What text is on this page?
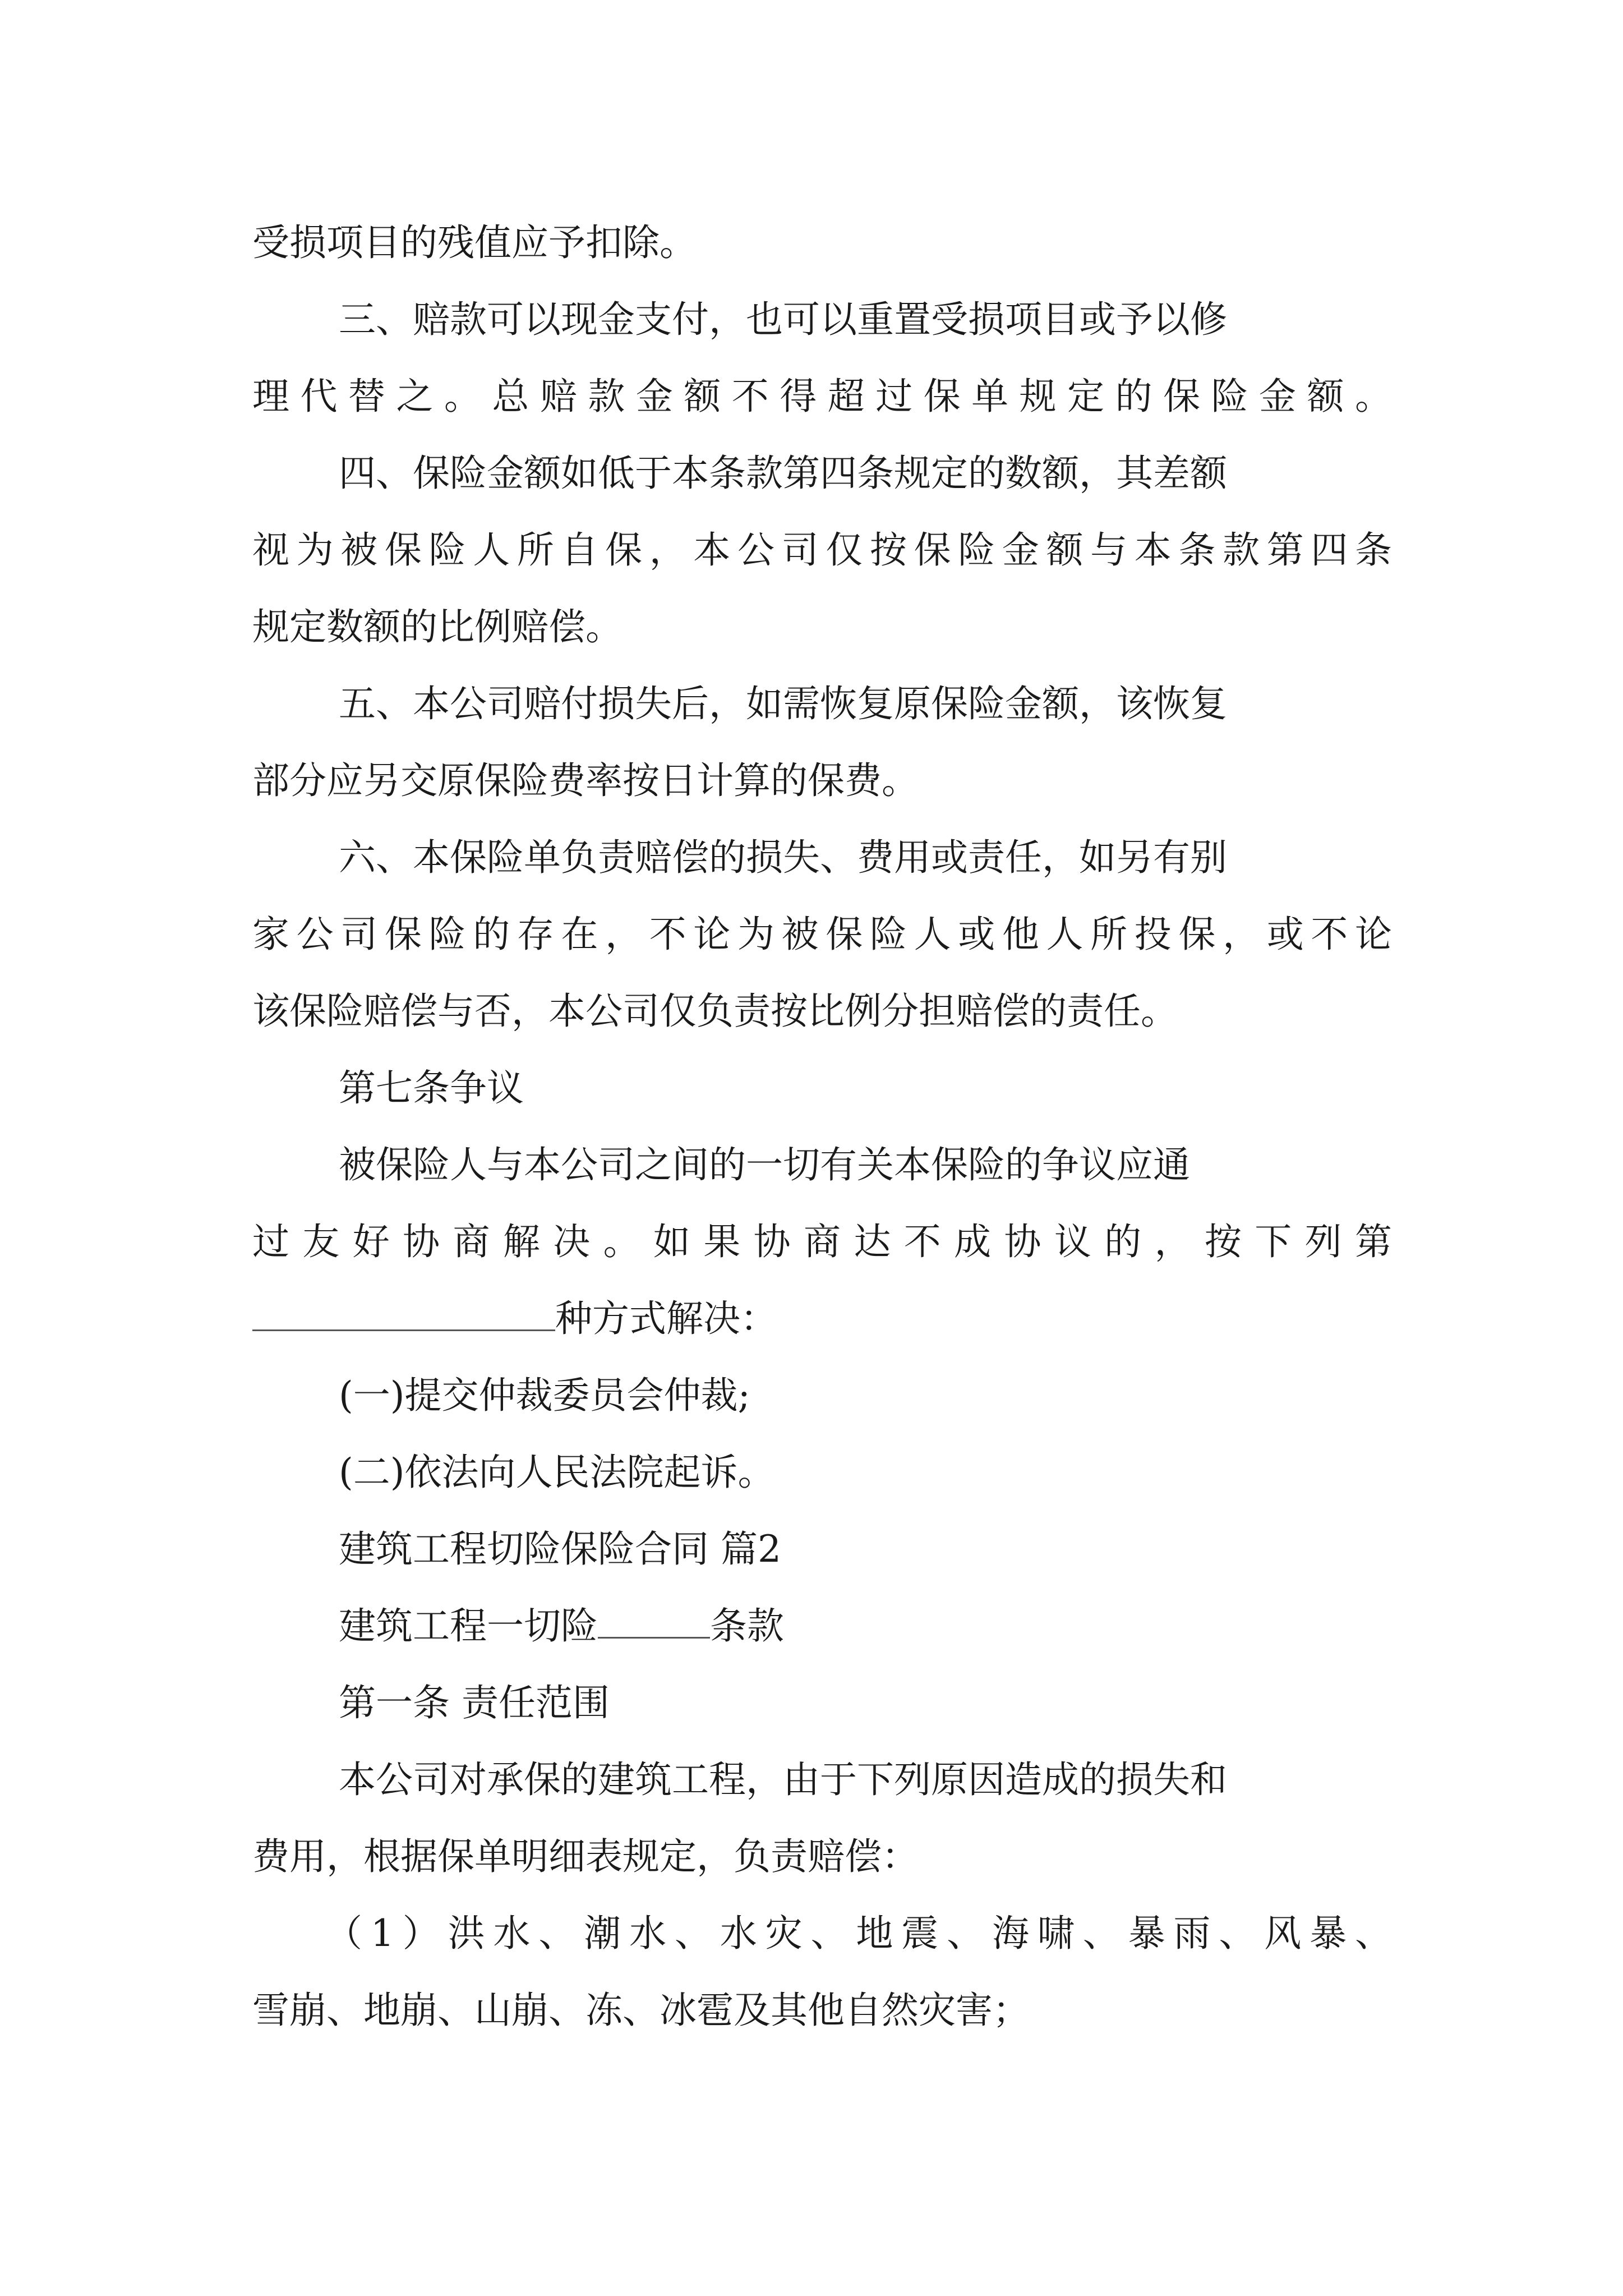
受损项目的残值应予扣除。
三、赔款可以现金支付，也可以重置受损项目或予以修
理代替之。总赔款金额不得超过保单规定的保险金额。
四、保险金额如低于本条款第四条规定的数额，其差额
视为被保险人所自保，本公司仅按保险金额与本条款第四条
规定数额的比例赔偿。
五、本公司赔付损失后，如需恢复原保险金额，该恢复
部分应另交原保险费率按日计算的保费。
六、本保险单负责赔偿的损失、费用或责任，如另有别
家公司保险的存在，不论为被保险人或他人所投保，或不论
该保险赔偿与否，本公司仅负责按比例分担赔偿的责任。
第七条争议
被保险人与本公司之间的一切有关本保险的争议应通
过友好协商解决。如果协商达不成协议的，按下列第
种方式解决：
(一)提交仲裁委员会仲裁;
(二)依法向人民法院起诉。
建筑工程切险保险合同 篇2
建筑工程一切险	条款
第一条 责任范围
本公司对承保的建筑工程，由于下列原因造成的损失和
费用，根据保单明细表规定，负责赔偿：
（1）洪水、潮水、水灾、地震、海啸、暴雨、风暴、
雪崩、地崩、山崩、冻、冰雹及其他自然灾害；
